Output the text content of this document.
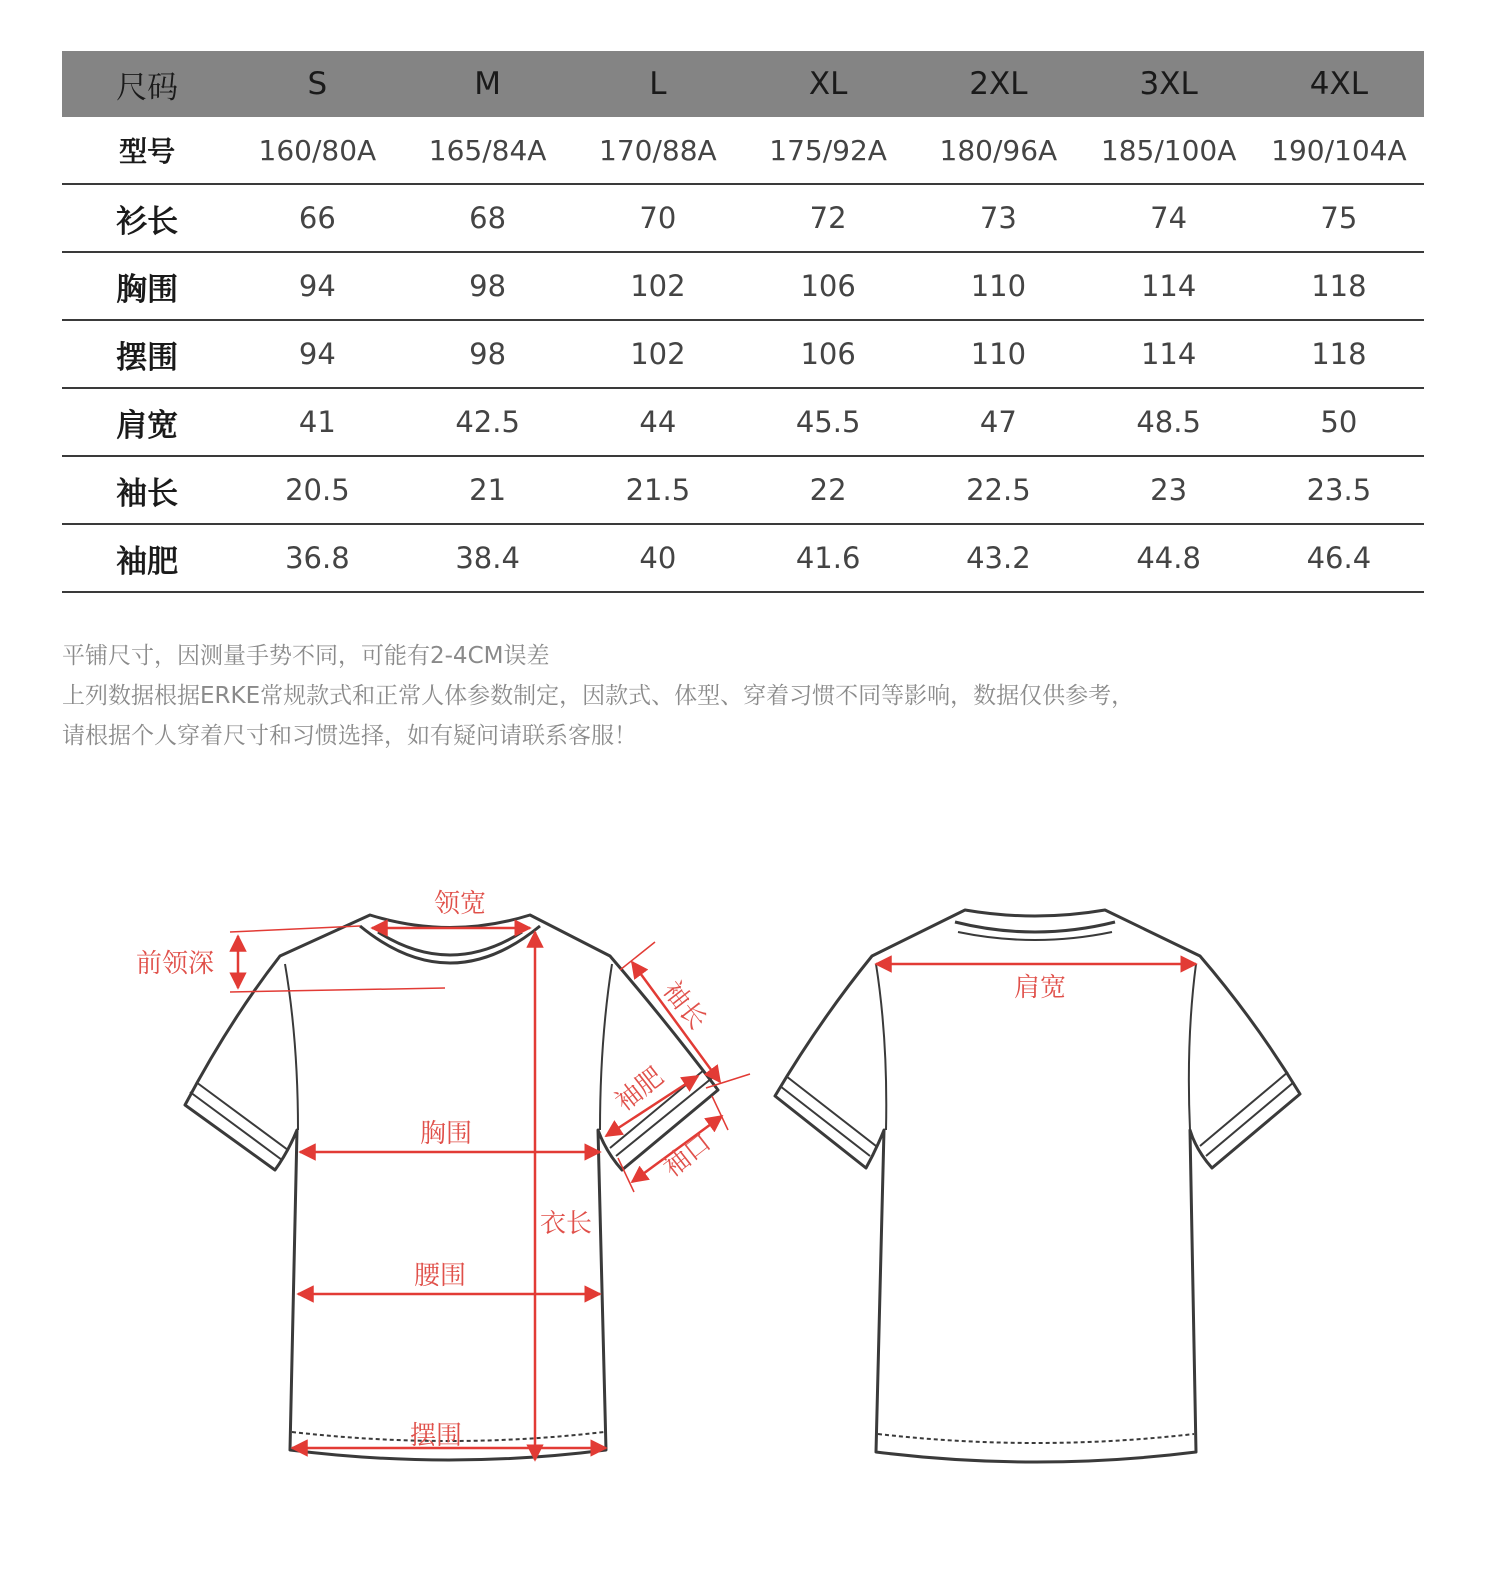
尺码	S	M	L	XL	2XL	3XL	4XL
型号	160/80A	165/84A	170/88A	175/92A	180/96A	185/100A	190/104A
衫长	66	68	70	72	73	74	75
胸围	94	98	102	106	110	114	118
摆围	94	98	102	106	110	114	118
肩宽	41	42.5	44	45.5	47	48.5	50
袖长	20.5	21	21.5	22	22.5	23	23.5
袖肥	36.8	38.4	40	41.6	43.2	44.8	46.4

平铺尺寸，因测量手势不同，可能有2-4CM误差

上列数据根据ERKE常规款式和正常人体参数制定，因款式、体型、穿着习惯不同等影响，数据仅供参考，

请根据个人穿着尺寸和习惯选择，如有疑问请联系客服！

领宽
前领深
袖长
袖肥
袖口
胸围
衣长
腰围
摆围
肩宽
